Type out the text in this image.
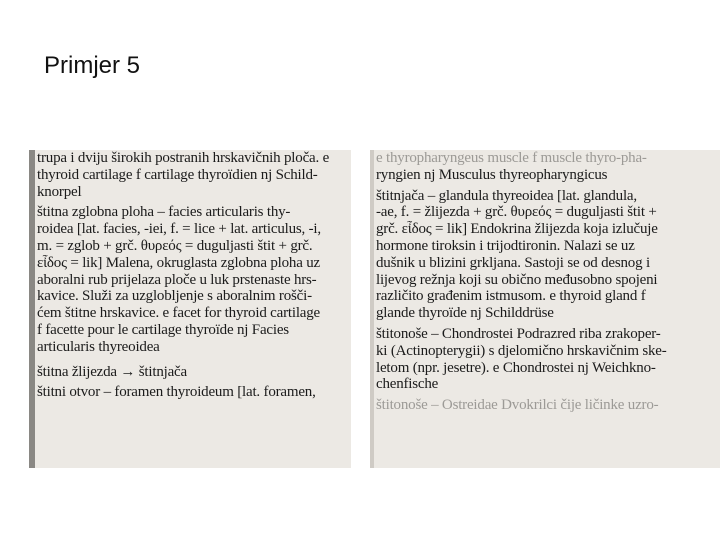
Primjer 5
trupa i dviju širokih postranih hrskavičnih ploča. e
thyroid cartilage f cartilage thyroïdien nj Schild-
knorpel
štitna zglobna ploha – facies articularis thy-
roidea [lat. facies, -iei, f. = lice + lat. articulus, -i,
m. = zglob + grč. θυρεός = duguljasti štit + grč.
εἶδος = lik] Malena, okruglasta zglobna ploha uz
aboralni rub prijelaza ploče u luk prstenaste hrs-
kavice. Služi za uzglobljenje s aboralnim rošči-
ćem štitne hrskavice. e facet for thyroid cartilage
f facette pour le cartilage thyroïde nj Facies
articularis thyreoidea
štitna žlijezda → štitnjača
štitni otvor – foramen thyroideum [lat. foramen,
e thyropharyngeus muscle f muscle thyro-pha-
ryngien nj Musculus thyreopharyngicus
štitnjača – glandula thyreoidea [lat. glandula,
-ae, f. = žlijezda + grč. θυρεός = duguljasti štit +
grč. εἶδος = lik] Endokrina žlijezda koja izlučuje
hormone tiroksin i trijodtironin. Nalazi se uz
dušnik u blizini grkljana. Sastoji se od desnog i
lijevog režnja koji su obično međusobno spojeni
različito građenim istmusom. e thyroid gland f
glande thyroïde nj Schilddrüse
štitonoše – Chondrostei Podrazred riba zrakoper-
ki (Actinopterygii) s djelomično hrskavičnim ske-
letom (npr. jesetre). e Chondrostei nj Weichkno-
chenfische
štitonoše – Ostreidae Dvokrilci čije ličinke uzro-
